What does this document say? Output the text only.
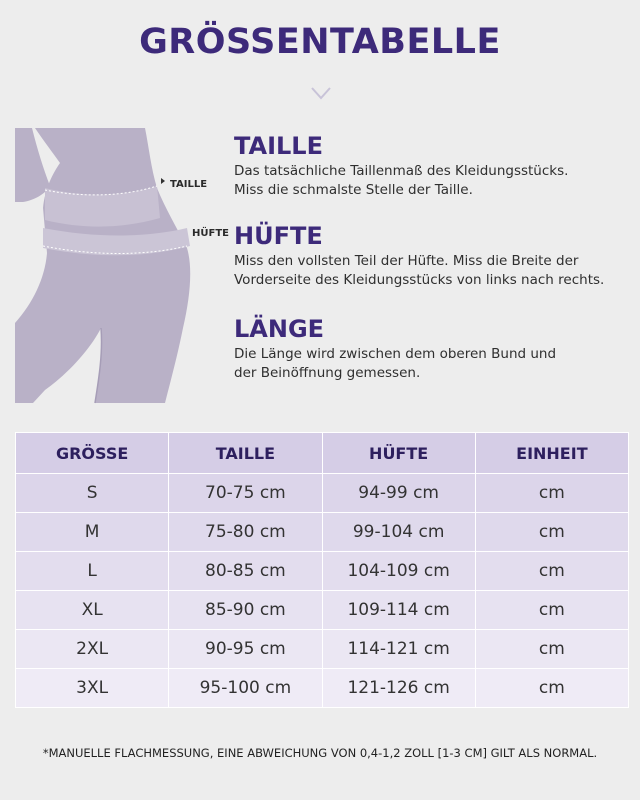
GRÖSSENTABELLE
TAILLE
HÜFTE
TAILLE

Das tatsächliche Taillenmaß des Kleidungsstücks.

Miss die schmalste Stelle der Taille.

HÜFTE

Miss den vollsten Teil der Hüfte. Miss die Breite der

Vorderseite des Kleidungsstücks von links nach rechts.

LÄNGE

Die Länge wird zwischen dem oberen Bund und

der Beinöffnung gemessen.

GRÖSSE	TAILLE	HÜFTE	EINHEIT
S	70-75 cm	94-99 cm	cm
M	75-80 cm	99-104 cm	cm
L	80-85 cm	104-109 cm	cm
XL	85-90 cm	109-114 cm	cm
2XL	90-95 cm	114-121 cm	cm
3XL	95-100 cm	121-126 cm	cm
*MANUELLE FLACHMESSUNG, EINE ABWEICHUNG VON 0,4-1,2 ZOLL [1-3 CM] GILT ALS NORMAL.
